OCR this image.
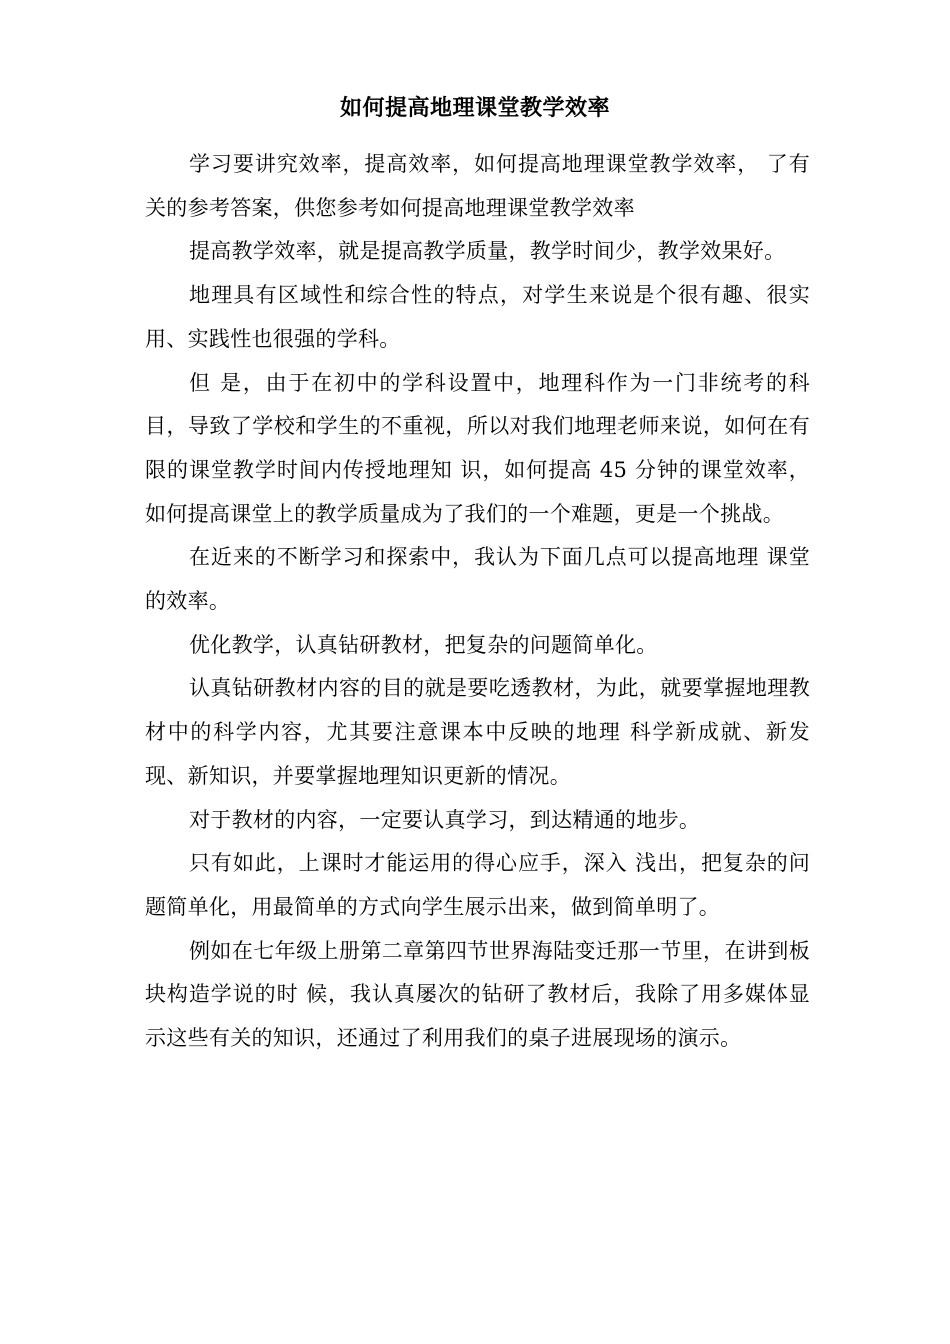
如何提高地理课堂教学效率

学习要讲究效率，提高效率，如何提高地理课堂教学效率， 了有关的参考答案，供您参考如何提高地理课堂教学效率

提高教学效率，就是提高教学质量，教学时间少，教学效果好。

地理具有区域性和综合性的特点，对学生来说是个很有趣、很实用、实践性也很强的学科。

但 是，由于在初中的学科设置中，地理科作为一门非统考的科目，导致了学校和学生的不重视，所以对我们地理老师来说，如何在有限的课堂教学时间内传授地理知 识，如何提高 45 分钟的课堂效率，如何提高课堂上的教学质量成为了我们的一个难题，更是一个挑战。

在近来的不断学习和探索中，我认为下面几点可以提高地理 课堂的效率。

优化教学，认真钻研教材，把复杂的问题简单化。

认真钻研教材内容的目的就是要吃透教材，为此，就要掌握地理教材中的科学内容，尤其要注意课本中反映的地理 科学新成就、新发现、新知识，并要掌握地理知识更新的情况。

对于教材的内容，一定要认真学习，到达精通的地步。

只有如此，上课时才能运用的得心应手，深入 浅出，把复杂的问题简单化，用最简单的方式向学生展示出来，做到简单明了。

例如在七年级上册第二章第四节世界海陆变迁那一节里，在讲到板块构造学说的时 候，我认真屡次的钻研了教材后，我除了用多媒体显示这些有关的知识，还通过了利用我们的桌子进展现场的演示。
